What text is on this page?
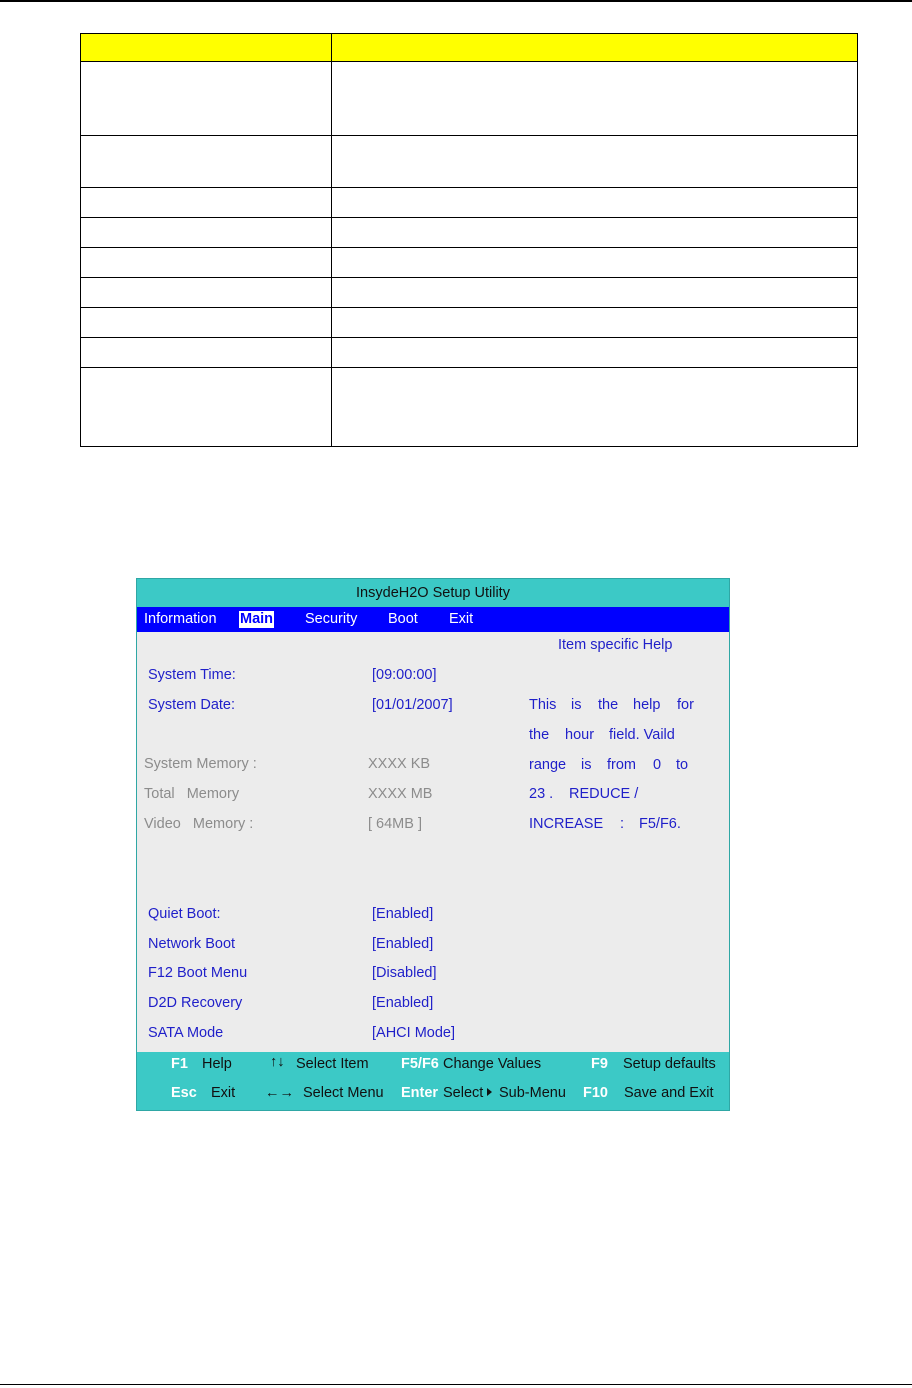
InsydeH2O Setup Utility
Information Main Security Boot Exit
Item specific Help
System Time:	[09:00:00]
System Date:	[01/01/2007]
System Memory :	XXXX KB
Total   Memory	XXXX MB
Video   Memory :	[ 64MB ]
Quiet Boot:	[Enabled]
Network Boot	[Enabled]
F12 Boot Menu	[Disabled]
D2D Recovery	[Enabled]
SATA Mode	[AHCI Mode]
This is the help for
the hour field. Vaild
range is from 0 to
23 . REDUCE /
INCREASE : F5/F6.
F1 Help	↑↓ Select Item F5/F6 Change Values	F9 Setup defaults
Esc Exit ←→ Select Menu Enter Select Sub-Menu F10 Save and Exit
